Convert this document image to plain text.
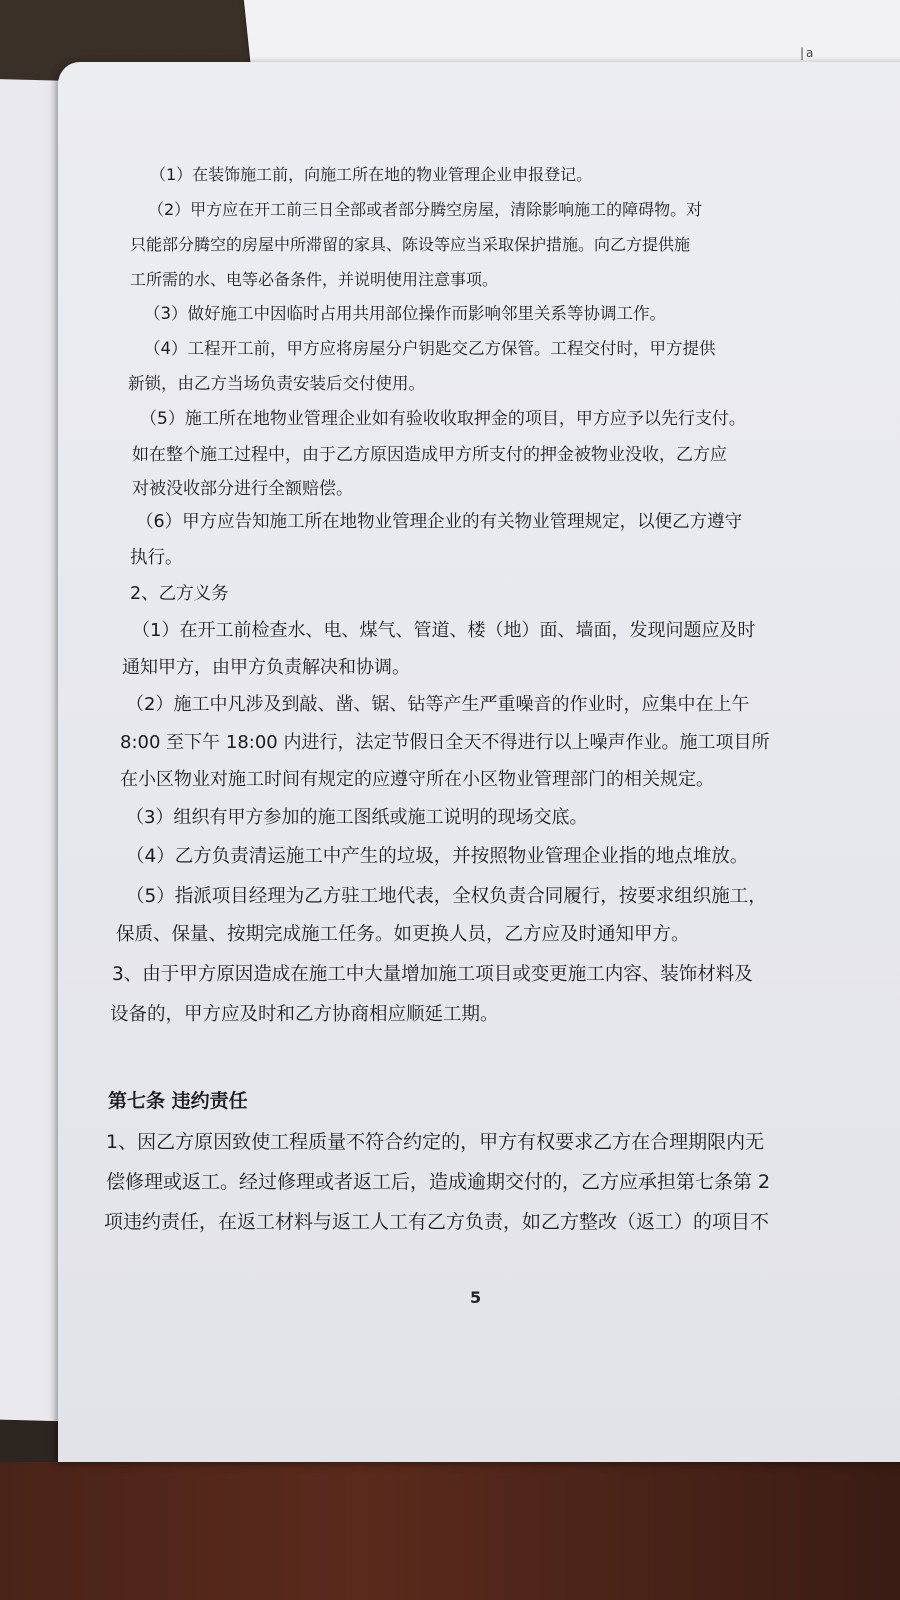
|a
（1）在装饰施工前，向施工所在地的物业管理企业申报登记。
（2）甲方应在开工前三日全部或者部分腾空房屋，清除影响施工的障碍物。对
只能部分腾空的房屋中所滞留的家具、陈设等应当采取保护措施。向乙方提供施
工所需的水、电等必备条件，并说明使用注意事项。
（3）做好施工中因临时占用共用部位操作而影响邻里关系等协调工作。
（4）工程开工前，甲方应将房屋分户钥匙交乙方保管。工程交付时，甲方提供
新锁，由乙方当场负责安装后交付使用。
（5）施工所在地物业管理企业如有验收收取押金的项目，甲方应予以先行支付。
如在整个施工过程中，由于乙方原因造成甲方所支付的押金被物业没收，乙方应
对被没收部分进行全额赔偿。
（6）甲方应告知施工所在地物业管理企业的有关物业管理规定，以便乙方遵守
执行。
2、乙方义务
（1）在开工前检查水、电、煤气、管道、楼（地）面、墙面，发现问题应及时
通知甲方，由甲方负责解决和协调。
（2）施工中凡涉及到敲、凿、锯、钻等产生严重噪音的作业时，应集中在上午
8:00 至下午 18:00 内进行，法定节假日全天不得进行以上噪声作业。施工项目所
在小区物业对施工时间有规定的应遵守所在小区物业管理部门的相关规定。
（3）组织有甲方参加的施工图纸或施工说明的现场交底。
（4）乙方负责清运施工中产生的垃圾，并按照物业管理企业指的地点堆放。
（5）指派项目经理为乙方驻工地代表，全权负责合同履行，按要求组织施工，
保质、保量、按期完成施工任务。如更换人员，乙方应及时通知甲方。
3、由于甲方原因造成在施工中大量增加施工项目或变更施工内容、装饰材料及
设备的，甲方应及时和乙方协商相应顺延工期。
第七条 违约责任
1、因乙方原因致使工程质量不符合约定的，甲方有权要求乙方在合理期限内无
偿修理或返工。经过修理或者返工后，造成逾期交付的，乙方应承担第七条第 2
项违约责任，在返工材料与返工人工有乙方负责，如乙方整改（返工）的项目不
5
